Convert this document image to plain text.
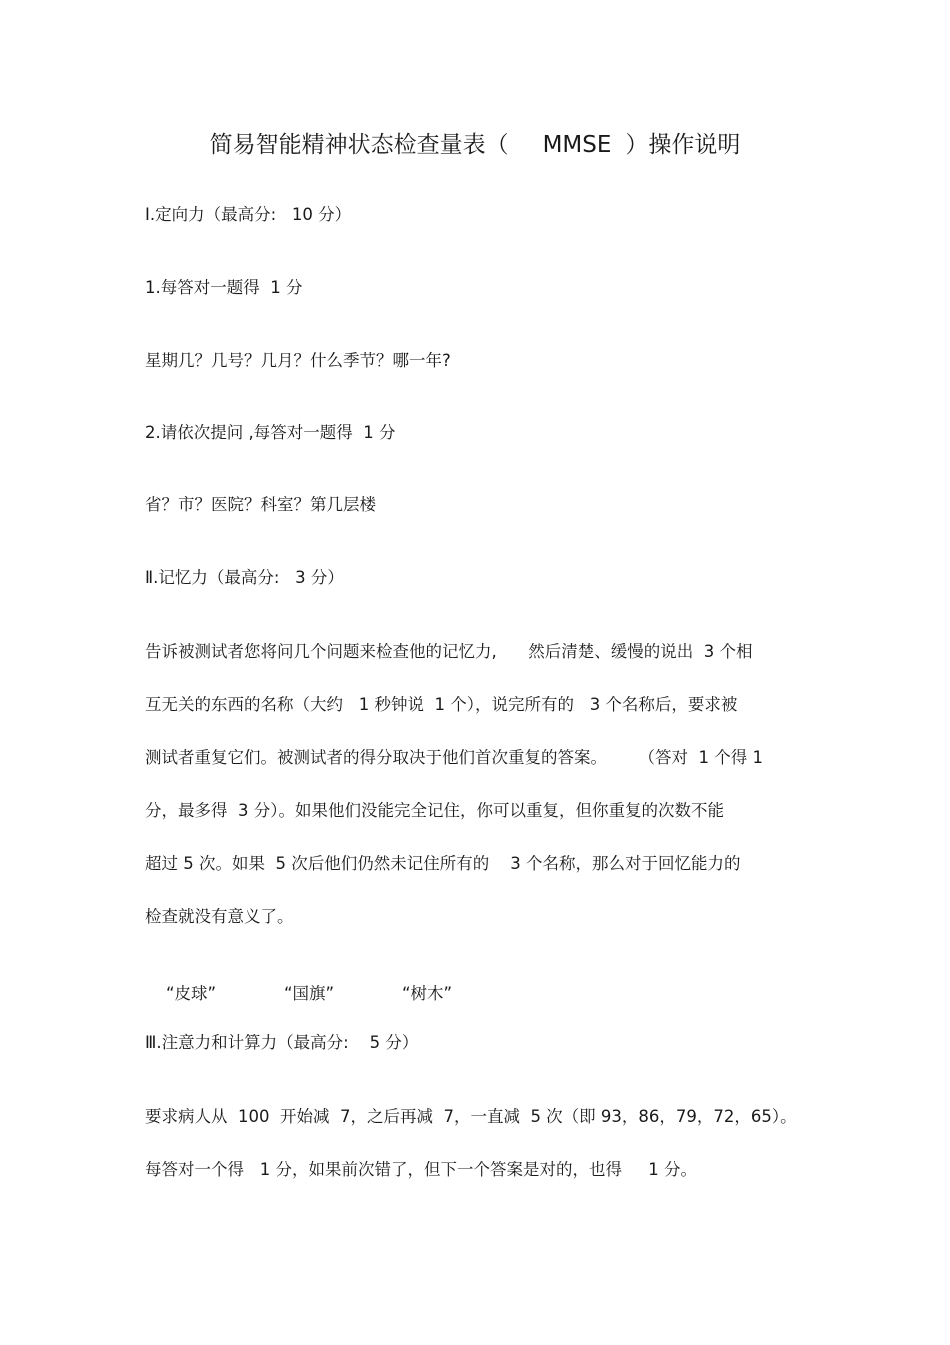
简易智能精神状态检查量表（ MMSE ）操作说明
Ⅰ.定向力（最高分:   10 分）
1.每答对一题得  1 分
星期几？几号？几月？什么季节？哪一年?
2.请依次提问 ,每答对一题得  1 分
省？市？医院？科室？第几层楼
Ⅱ.记忆力（最高分:   3 分）
告诉被测试者您将问几个问题来检查他的记忆力,      然后清楚、缓慢的说出  3 个相
互无关的东西的名称（大约   1 秒钟说  1 个），说完所有的   3 个名称后，要求被
测试者重复它们。被测试者的得分取决于他们首次重复的答案。      （答对  1 个得 1
分，最多得  3 分）。如果他们没能完全记住，你可以重复，但你重复的次数不能
超过 5 次。如果  5 次后他们仍然未记住所有的    3 个名称，那么对于回忆能力的
检查就没有意义了。

“皮球”	“国旗”	“树木”

Ⅲ.注意力和计算力（最高分:    5 分）
要求病人从  100  开始减  7，之后再减  7，一直减  5 次（即 93，86，79，72，65）。
每答对一个得   1 分，如果前次错了，但下一个答案是对的，也得     1 分。
